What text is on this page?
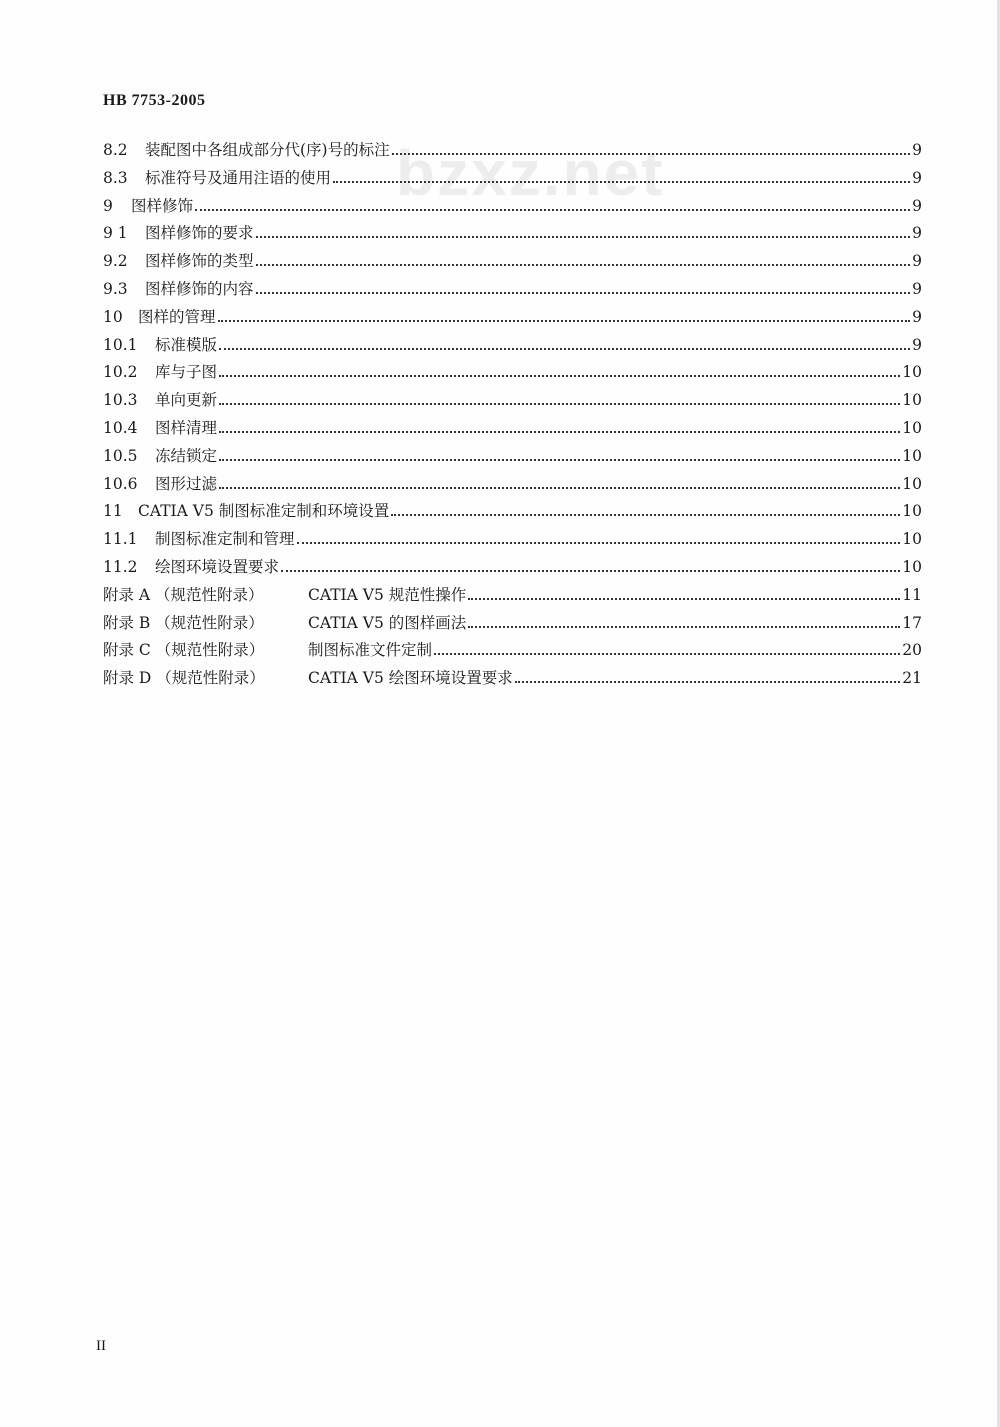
HB 7753-2005
bzxz.net
8.2	装配图中各组成部分代(序)号的标注	9
8.3	标准符号及通用注语的使用	9
9	图样修饰	9
9 1	图样修饰的要求	9
9.2	图样修饰的类型	9
9.3	图样修饰的内容	9
10 图样的管理	9
10.1	标准模版	9
10.2	库与子图	10
10.3	单向更新	10
10.4	图样清理	10
10.5	冻结锁定	10
10.6	图形过滤	10
11 CATIA V5 制图标准定制和环境设置	10
11.1	制图标准定制和管理	10
11.2	绘图环境设置要求	10
附录 A （规范性附录）	CATIA V5 规范性操作	11
附录 B （规范性附录）	CATIA V5 的图样画法	17
附录 C （规范性附录）	制图标准文件定制	20
附录 D （规范性附录）	CATIA V5 绘图环境设置要求	21
II
